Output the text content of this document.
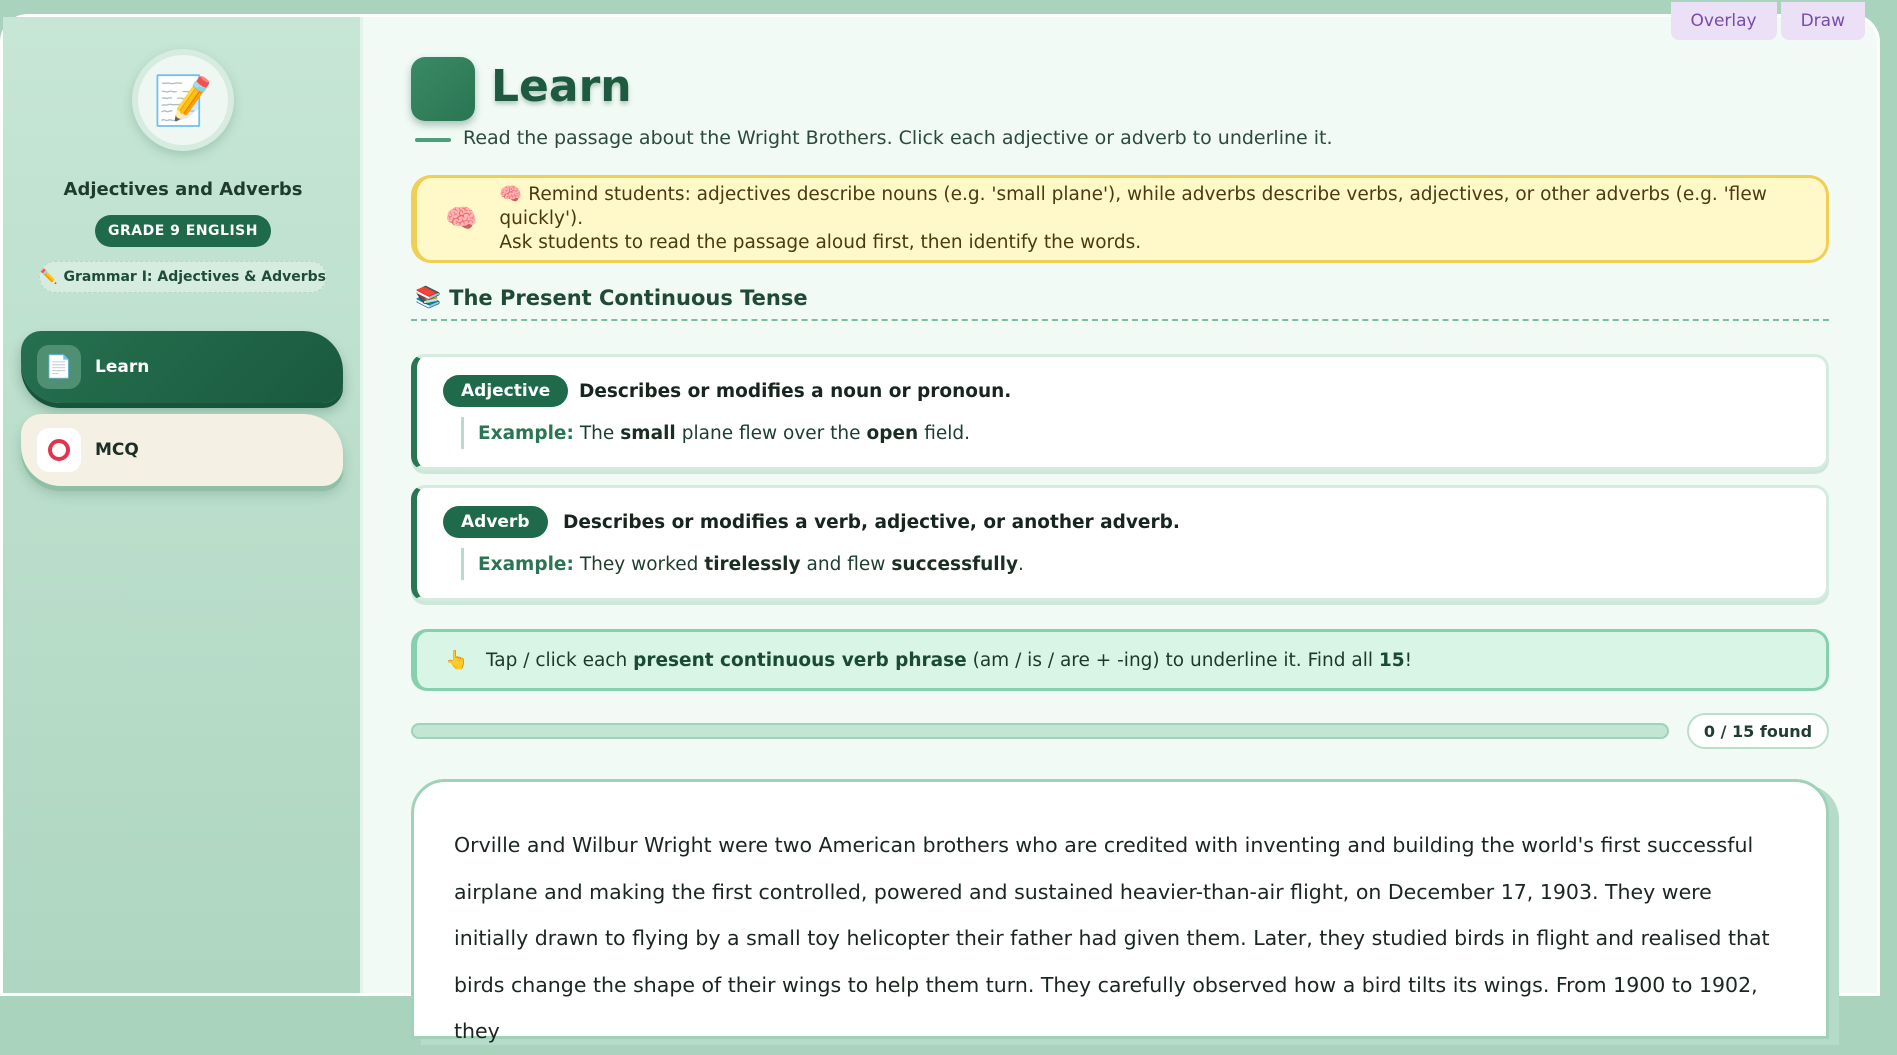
📝
Adjectives and Adverbs
GRADE 9 ENGLISH
✏️ Grammar I: Adjectives & Adverbs
📄	Learn
MCQ
Learn
Read the passage about the Wright Brothers. Click each adjective or adverb to underline it.
🧠
🧠 Remind students: adjectives describe nouns (e.g. 'small plane'), while adverbs describe verbs, adjectives, or other adverbs (e.g. 'flew quickly').
Ask students to read the passage aloud first, then identify the words.
📚 The Present Continuous Tense
Adjective	Describes or modifies a noun or pronoun.
Example: The small plane flew over the open field.
Adverb	Describes or modifies a verb, adjective, or another adverb.
Example: They worked tirelessly and flew successfully .
👆 Tap / click each present continuous verb phrase (am / is / are + -ing) to underline it. Find all 15!
0 / 15 found

Orville and Wilbur Wright were two American brothers who are credited with inventing and building the world's first successful airplane and making the first controlled, powered and sustained heavier-than-air flight, on December 17, 1903. They were initially drawn to flying by a small toy helicopter their father had given them. Later, they studied birds in flight and realised that birds change the shape of their wings to help them turn. They carefully observed how a bird tilts its wings. From 1900 to 1902, they

Overlay	Draw
